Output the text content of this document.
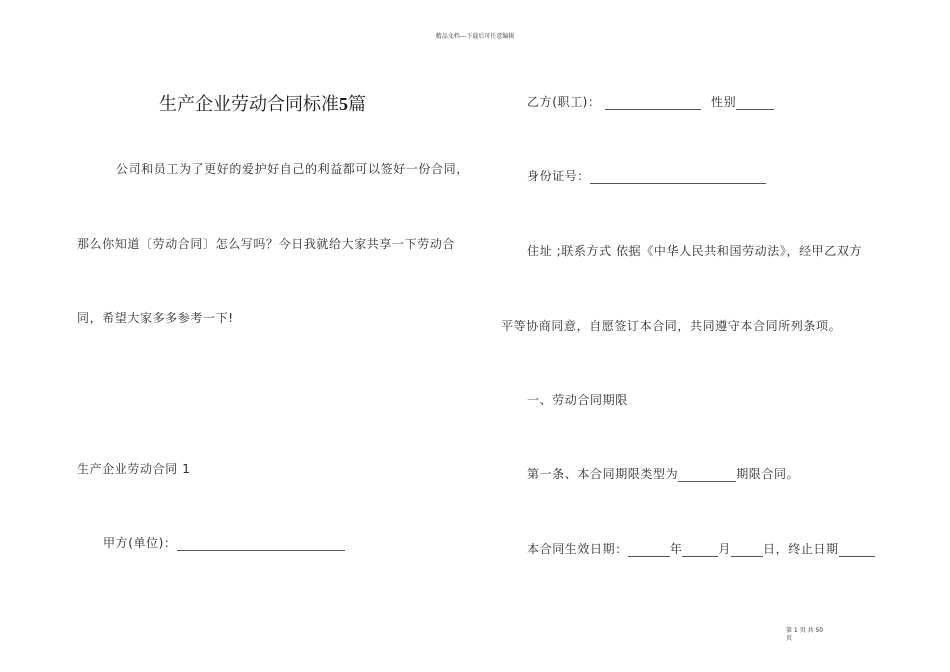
精品文档---下载后可任意编辑
生产企业劳动合同标准5篇
公司和员工为了更好的爱护好自己的利益都可以签好一份合同，
那么你知道〔劳动合同〕怎么写吗？今日我就给大家共享一下劳动合
同，希望大家多多参考一下!
生产企业劳动合同 1
甲方(单位)：
乙方(职工)：	性别
身份证号：
住址 ;联系方式 依据《中华人民共和国劳动法》，经甲乙双方
平等协商同意，自愿签订本合同，共同遵守本合同所列条项。
一、劳动合同期限
第一条、本合同期限类型为	期限合同。
本合同生效日期：	年	月	日，终止日期
第 1 页 共 50 页
